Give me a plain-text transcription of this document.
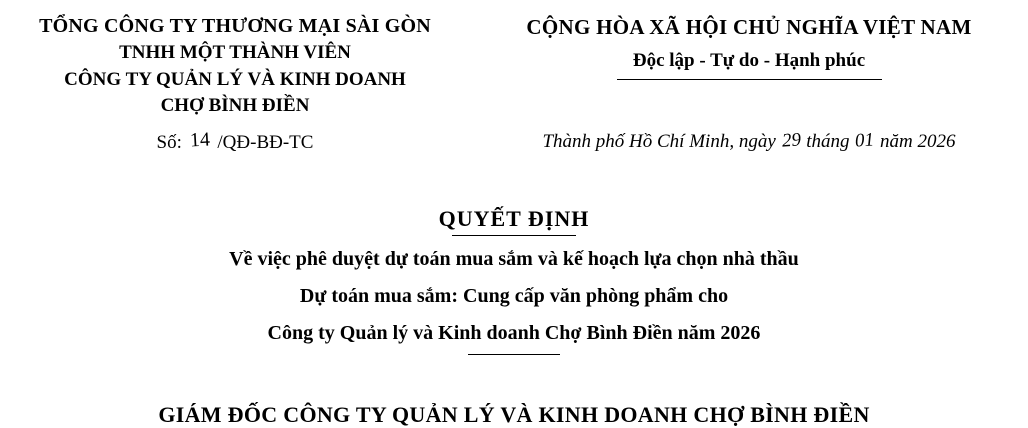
TỔNG CÔNG TY THƯƠNG MẠI SÀI GÒN
TNHH MỘT THÀNH VIÊN
CÔNG TY QUẢN LÝ VÀ KINH DOANH
CHỢ BÌNH ĐIỀN
CỘNG HÒA XÃ HỘI CHỦ NGHĨA VIỆT NAM
Độc lập - Tự do - Hạnh phúc
Số: 14 /QĐ-BĐ-TC	Thành phố Hồ Chí Minh, ngày 29 tháng 01 năm 2026
QUYẾT ĐỊNH
Về việc phê duyệt dự toán mua sắm và kế hoạch lựa chọn nhà thầu
Dự toán mua sắm: Cung cấp văn phòng phẩm cho
Công ty Quản lý và Kinh doanh Chợ Bình Điền năm 2026
GIÁM ĐỐC CÔNG TY QUẢN LÝ VÀ KINH DOANH CHỢ BÌNH ĐIỀN
